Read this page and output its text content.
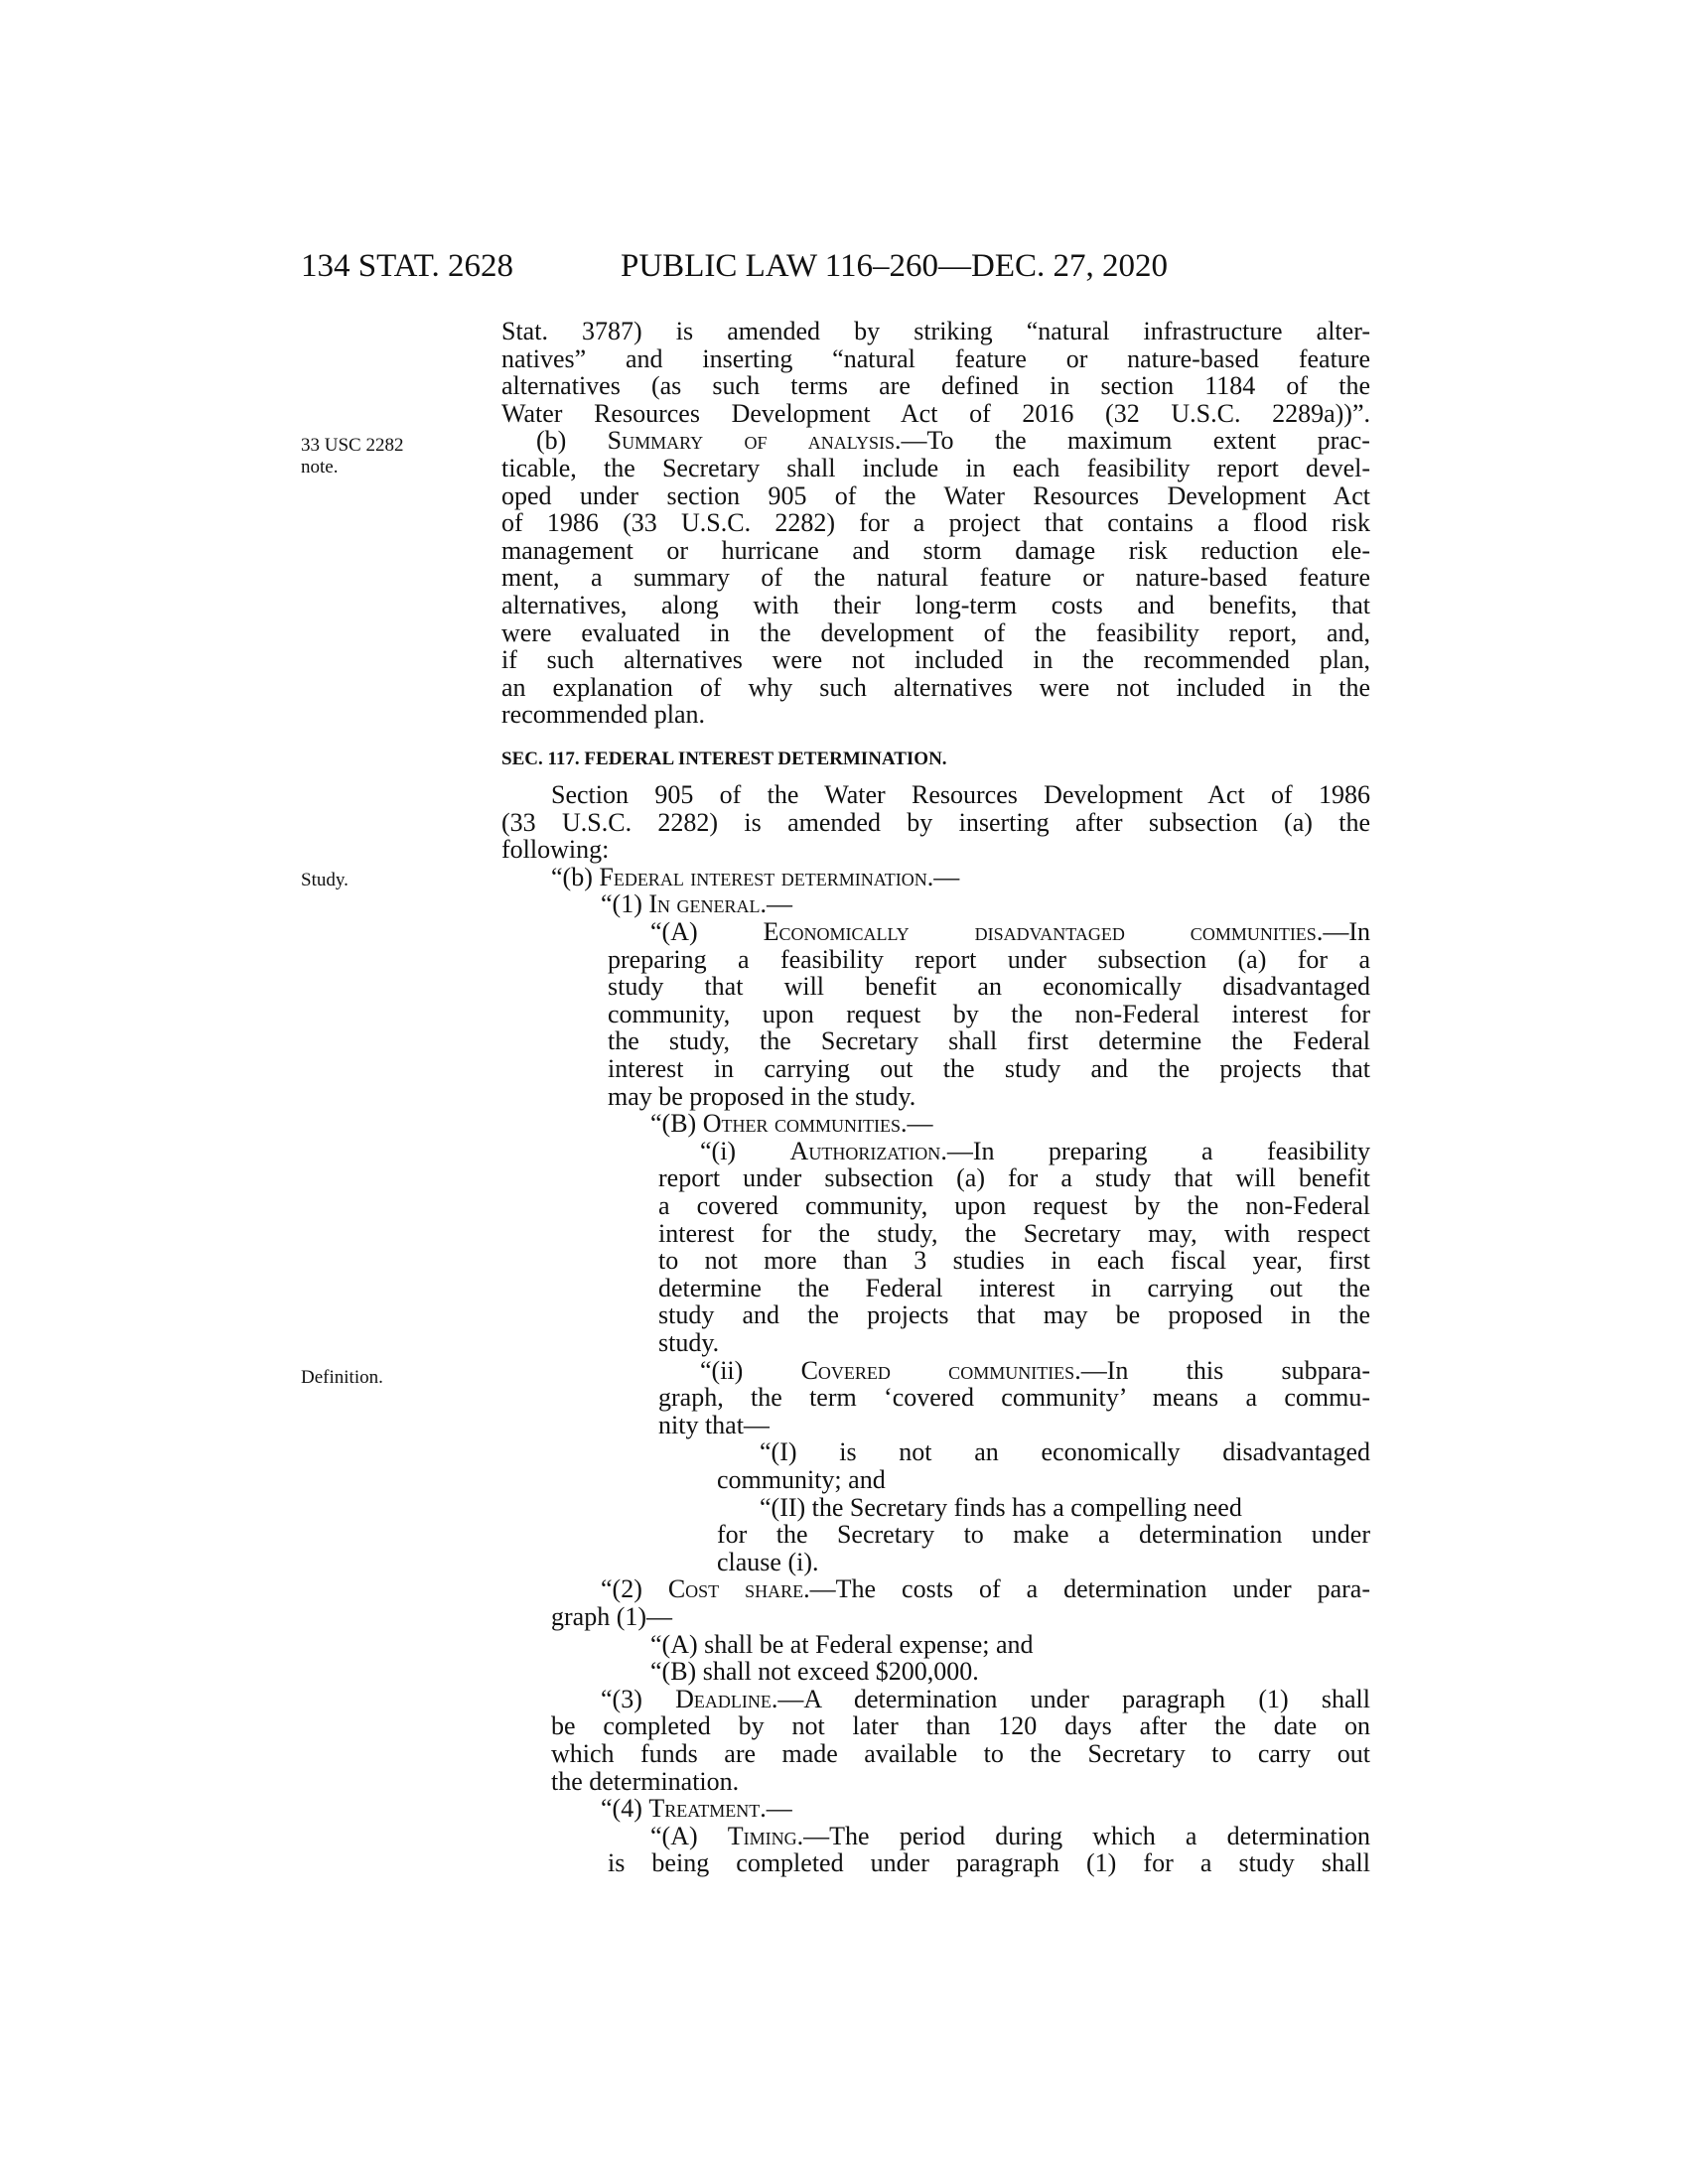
134 STAT. 2628	PUBLIC LAW 116–260—DEC. 27, 2020
33 USC 2282
note.
Study.
Definition.
SEC. 117. FEDERAL INTEREST DETERMINATION.
Stat. 3787) is amended by striking “natural infrastructure alter-
natives” and inserting “natural feature or nature-based feature
alternatives (as such terms are defined in section 1184 of the
Water Resources Development Act of 2016 (32 U.S.C. 2289a))”.
(b) Summary of analysis.—To the maximum extent prac-
ticable, the Secretary shall include in each feasibility report devel-
oped under section 905 of the Water Resources Development Act
of 1986 (33 U.S.C. 2282) for a project that contains a flood risk
management or hurricane and storm damage risk reduction ele-
ment, a summary of the natural feature or nature-based feature
alternatives, along with their long-term costs and benefits, that
were evaluated in the development of the feasibility report, and,
if such alternatives were not included in the recommended plan,
an explanation of why such alternatives were not included in the
recommended plan.
Section 905 of the Water Resources Development Act of 1986
(33 U.S.C. 2282) is amended by inserting after subsection (a) the
following:
“(b) Federal interest determination.—
“(1) In general.—
“(A) Economically disadvantaged communities.—In
preparing a feasibility report under subsection (a) for a
study that will benefit an economically disadvantaged
community, upon request by the non-Federal interest for
the study, the Secretary shall first determine the Federal
interest in carrying out the study and the projects that
may be proposed in the study.
“(B) Other communities.—
“(i) Authorization.—In preparing a feasibility
report under subsection (a) for a study that will benefit
a covered community, upon request by the non-Federal
interest for the study, the Secretary may, with respect
to not more than 3 studies in each fiscal year, first
determine the Federal interest in carrying out the
study and the projects that may be proposed in the
study.
“(ii) Covered communities.—In this subpara-
graph, the term ‘covered community’ means a commu-
nity that—
“(I) is not an economically disadvantaged
community; and
“(II) the Secretary finds has a compelling need
for the Secretary to make a determination under
clause (i).
“(2) Cost share.—The costs of a determination under para-
graph (1)—
“(A) shall be at Federal expense; and
“(B) shall not exceed $200,000.
“(3) Deadline.—A determination under paragraph (1) shall
be completed by not later than 120 days after the date on
which funds are made available to the Secretary to carry out
the determination.
“(4) Treatment.—
“(A) Timing.—The period during which a determination
is being completed under paragraph (1) for a study shall
